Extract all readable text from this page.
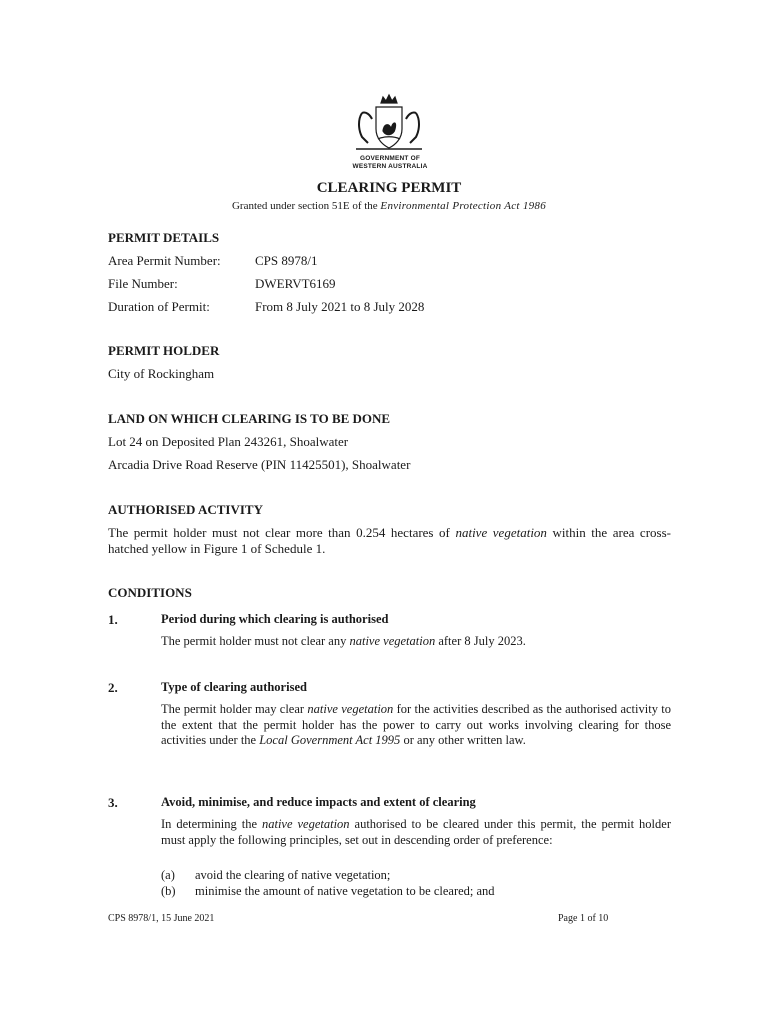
GOVERNMENT OF
WESTERN AUSTRALIA
CLEARING PERMIT
Granted under section 51E of the Environmental Protection Act 1986
PERMIT DETAILS
Area Permit Number:	CPS 8978/1
File Number:	DWERVT6169
Duration of Permit:	From 8 July 2021 to 8 July 2028
PERMIT HOLDER
City of Rockingham
LAND ON WHICH CLEARING IS TO BE DONE
Lot 24 on Deposited Plan 243261, Shoalwater
Arcadia Drive Road Reserve (PIN 11425501), Shoalwater
AUTHORISED ACTIVITY
The permit holder must not clear more than 0.254 hectares of native vegetation within the area cross-hatched yellow in Figure 1 of Schedule 1.
CONDITIONS
1.	Period during which clearing is authorised
The permit holder must not clear any native vegetation after 8 July 2023.
2.	Type of clearing authorised
The permit holder may clear native vegetation for the activities described as the authorised activity to the extent that the permit holder has the power to carry out works involving clearing for those activities under the Local Government Act 1995 or any other written law.
3.	Avoid, minimise, and reduce impacts and extent of clearing
In determining the native vegetation authorised to be cleared under this permit, the permit holder must apply the following principles, set out in descending order of preference:
(a) avoid the clearing of native vegetation;
(b) minimise the amount of native vegetation to be cleared; and
CPS 8978/1, 15 June 2021	Page 1 of 10
